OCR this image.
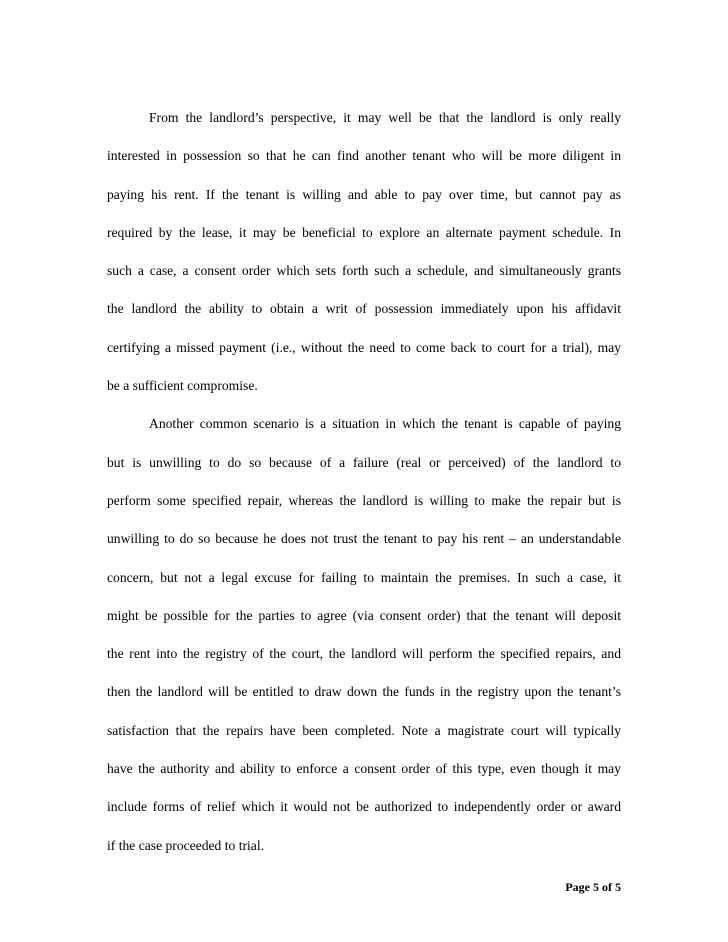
From the landlord’s perspective, it may well be that the landlord is only really
interested in possession so that he can find another tenant who will be more diligent in
paying his rent. If the tenant is willing and able to pay over time, but cannot pay as
required by the lease, it may be beneficial to explore an alternate payment schedule. In
such a case, a consent order which sets forth such a schedule, and simultaneously grants
the landlord the ability to obtain a writ of possession immediately upon his affidavit
certifying a missed payment (i.e., without the need to come back to court for a trial), may
be a sufficient compromise.
Another common scenario is a situation in which the tenant is capable of paying
but is unwilling to do so because of a failure (real or perceived) of the landlord to
perform some specified repair, whereas the landlord is willing to make the repair but is
unwilling to do so because he does not trust the tenant to pay his rent – an understandable
concern, but not a legal excuse for failing to maintain the premises. In such a case, it
might be possible for the parties to agree (via consent order) that the tenant will deposit
the rent into the registry of the court, the landlord will perform the specified repairs, and
then the landlord will be entitled to draw down the funds in the registry upon the tenant’s
satisfaction that the repairs have been completed. Note a magistrate court will typically
have the authority and ability to enforce a consent order of this type, even though it may
include forms of relief which it would not be authorized to independently order or award
if the case proceeded to trial.
Page 5 of 5
